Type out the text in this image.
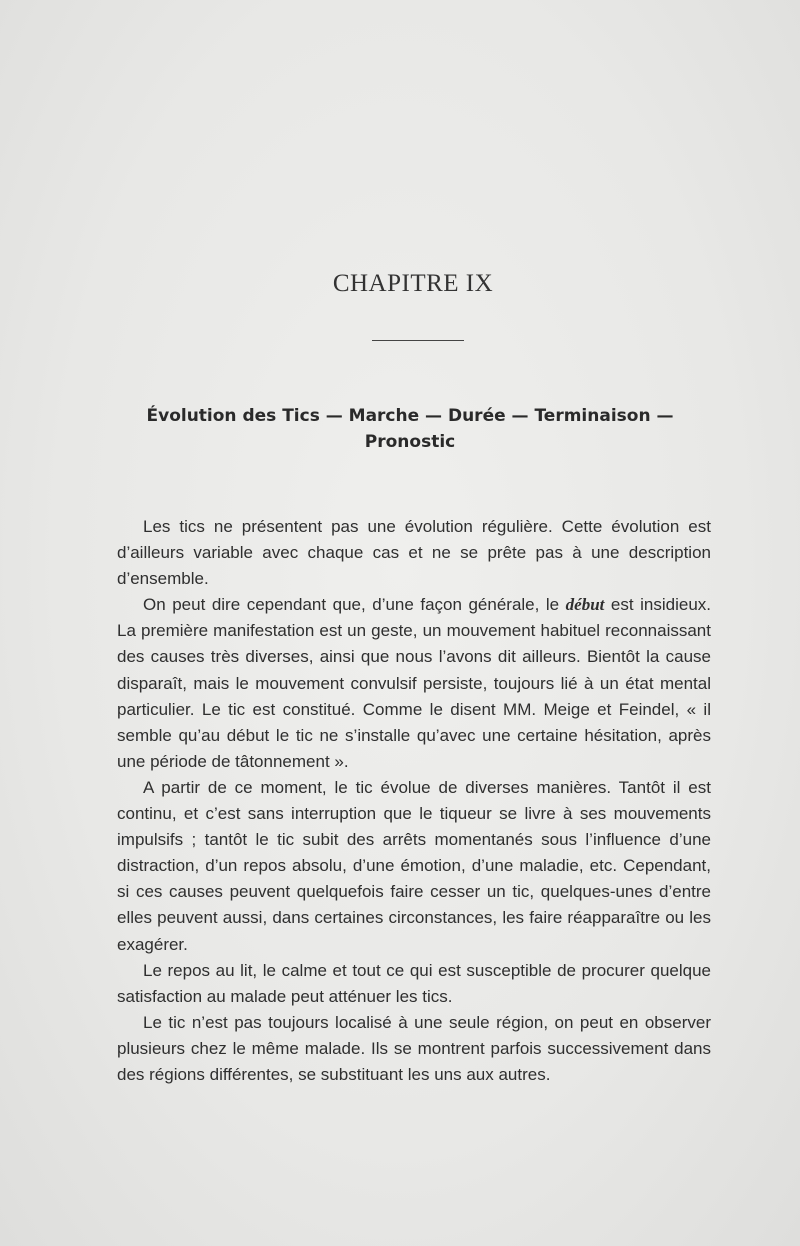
CHAPITRE IX
Évolution des Tics — Marche — Durée — Terminaison —
Pronostic

Les tics ne présentent pas une évolution régulière. Cette évolution est d’ailleurs variable avec chaque cas et ne se prête pas à une description d’ensemble.

On peut dire cependant que, d’une façon générale, le début est insidieux. La première manifestation est un geste, un mouvement habituel reconnaissant des causes très diverses, ainsi que nous l’avons dit ailleurs. Bientôt la cause disparaît, mais le mouvement convulsif persiste, toujours lié à un état mental particulier. Le tic est constitué. Comme le disent MM. Meige et Feindel, « il semble qu’au début le tic ne s’installe qu’avec une certaine hésitation, après une période de tâtonnement ».

A partir de ce moment, le tic évolue de diverses manières. Tantôt il est continu, et c’est sans interruption que le tiqueur se livre à ses mouvements impulsifs ; tantôt le tic subit des arrêts momentanés sous l’influence d’une distraction, d’un repos absolu, d’une émotion, d’une maladie, etc. Cependant, si ces causes peuvent quelquefois faire cesser un tic, quelques-unes d’entre elles peuvent aussi, dans certaines circonstances, les faire réapparaître ou les exagérer.

Le repos au lit, le calme et tout ce qui est susceptible de procurer quelque satisfaction au malade peut atténuer les tics.

Le tic n’est pas toujours localisé à une seule région, on peut en observer plusieurs chez le même malade. Ils se montrent parfois successivement dans des régions différentes, se substituant les uns aux autres.
